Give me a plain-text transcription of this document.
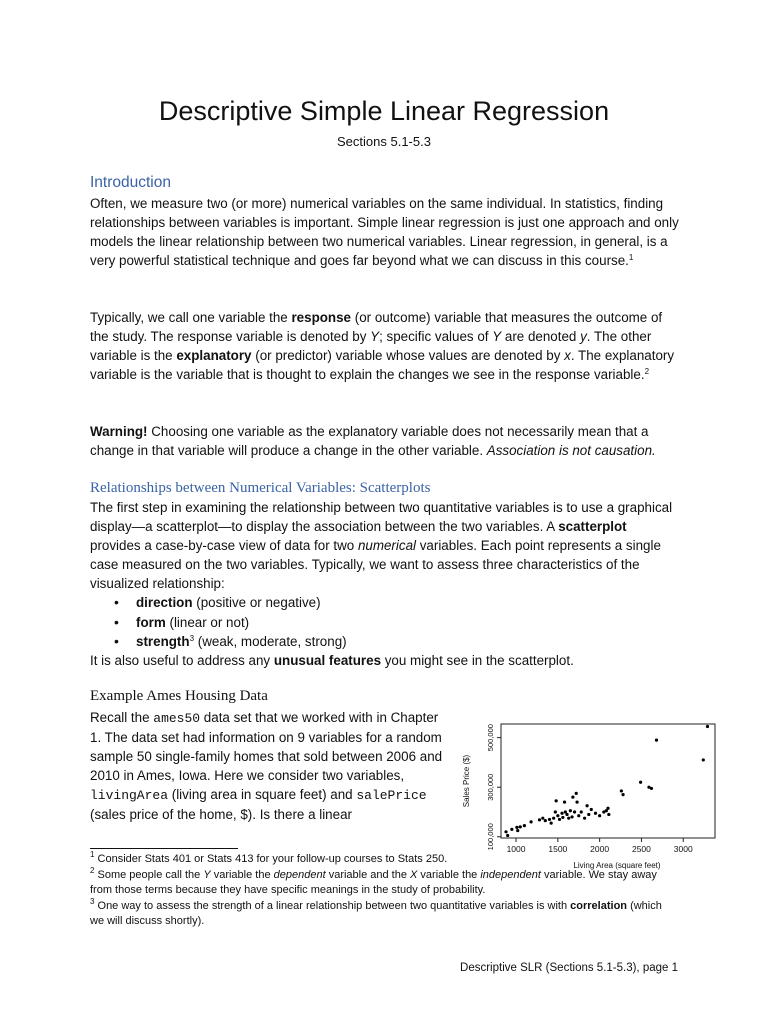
Descriptive Simple Linear Regression
Sections 5.1-5.3
Introduction

Often, we measure two (or more) numerical variables on the same individual. In statistics, finding relationships between variables is important. Simple linear regression is just one approach and only models the linear relationship between two numerical variables. Linear regression, in general, is a very powerful statistical technique and goes far beyond what we can discuss in this course.$^1$

Typically, we call one variable the response (or outcome) variable that measures the outcome of the study. The response variable is denoted by Y; specific values of Y are denoted y. The other variable is the explanatory (or predictor) variable whose values are denoted by x. The explanatory variable is the variable that is thought to explain the changes we see in the response variable.$^2$

Warning! Choosing one variable as the explanatory variable does not necessarily mean that a change in that variable will produce a change in the other variable. Association is not causation.

Relationships between Numerical Variables: Scatterplots

The first step in examining the relationship between two quantitative variables is to use a graphical display—a scatterplot—to display the association between the two variables. A scatterplot provides a case-by-case view of data for two numerical variables. Each point represents a single case measured on the two variables. Typically, we want to assess three characteristics of the visualized relationship:

• direction (positive or negative)
• form (linear or not)
• strength$^3$ (weak, moderate, strong)

It is also useful to address any unusual features you might see in the scatterplot.

Example Ames Housing Data

Recall the ames50 data set that we worked with in Chapter 1. The data set had information on 9 variables for a random sample 50 single-family homes that sold between 2006 and 2010 in Ames, Iowa. Here we consider two variables, livingArea (living area in square feet) and salePrice (sales price of the home, $). Is there a linear

1000	1500	2000	2500	3000
100,000
300,000
500,000
Living Area (square feet)
Sales Price ($)

$^1$ Consider Stats 401 or Stats 413 for your follow-up courses to Stats 250.

$^2$ Some people call the Y variable the dependent variable and the X variable the independent variable. We stay away from those terms because they have specific meanings in the study of probability.

$^3$ One way to assess the strength of a linear relationship between two quantitative variables is with correlation (which we will discuss shortly).

Descriptive SLR (Sections 5.1-5.3), page 1
